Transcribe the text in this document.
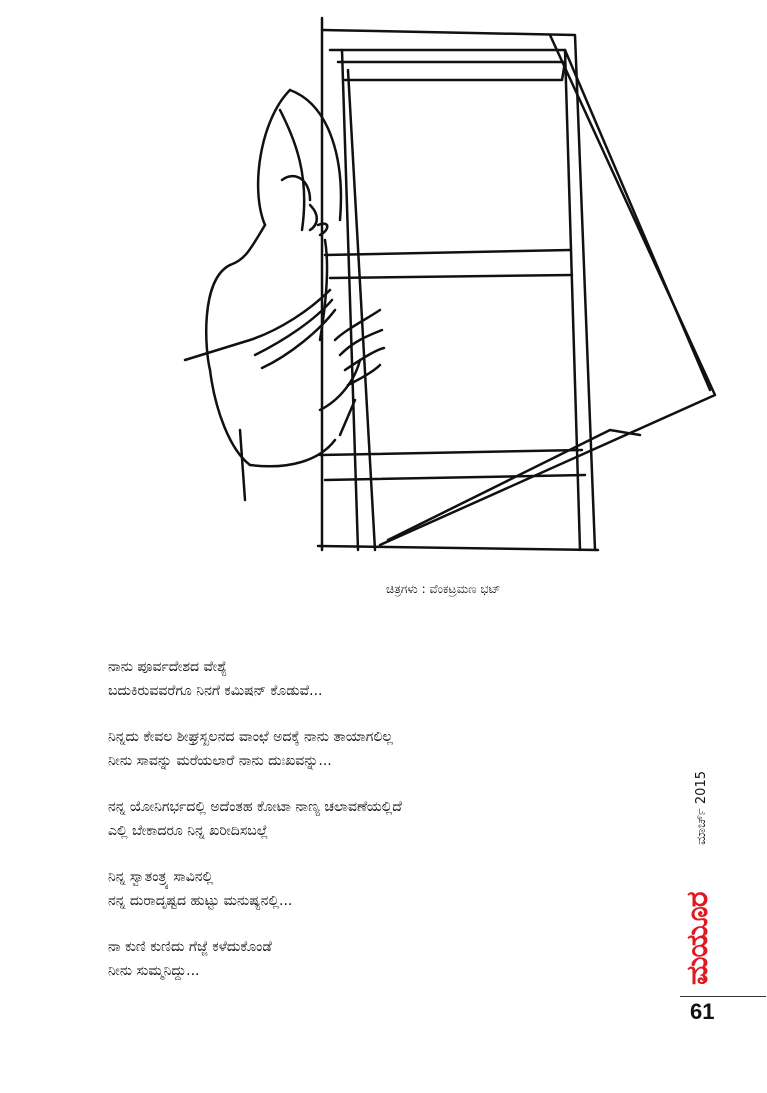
ಚಿತ್ರಗಳು : ವೆಂಕಟ್ರಮಣ ಭಟ್
ನಾನು ಪೂರ್ವದೇಶದ ವೇಶ್ಯೆ
ಬದುಕಿರುವವರೆಗೂ ನಿನಗೆ ಕಮಿಷನ್ ಕೊಡುವೆ...
ನಿನ್ನದು ಕೇವಲ ಶೀಘ್ರಸ್ಖಲನದ ವಾಂಛೆ ಅದಕ್ಕೆ ನಾನು ತಾಯಾಗಲಿಲ್ಲ
ನೀನು ಸಾವನ್ನು ಮರೆಯಲಾರೆ ನಾನು ದುಃಖವನ್ನು...
ನನ್ನ ಯೋನಿಗರ್ಭದಲ್ಲಿ ಅದೆಂತಹ ಕೋಟಾ ನಾಣ್ಯ ಚಲಾವಣೆಯಲ್ಲಿದೆ
ಎಲ್ಲಿ ಬೇಕಾದರೂ ನಿನ್ನ ಖರೀದಿಸಬಲ್ಲೆ
ನಿನ್ನ ಸ್ವಾತಂತ್ರ್ಯ ಸಾವಿನಲ್ಲಿ
ನನ್ನ ದುರಾದೃಷ್ಟದ ಹುಟ್ಟು ಮನುಷ್ಯನಲ್ಲಿ...
ನಾ ಕುಣಿ ಕುಣಿದು ಗೆಜ್ಜೆ ಕಳೆದುಕೊಂಡೆ
ನೀನು ಸುಮ್ಮನಿದ್ದು...
ಮಾರ್ಚ್ 2015
ಮಯೂರ
61
